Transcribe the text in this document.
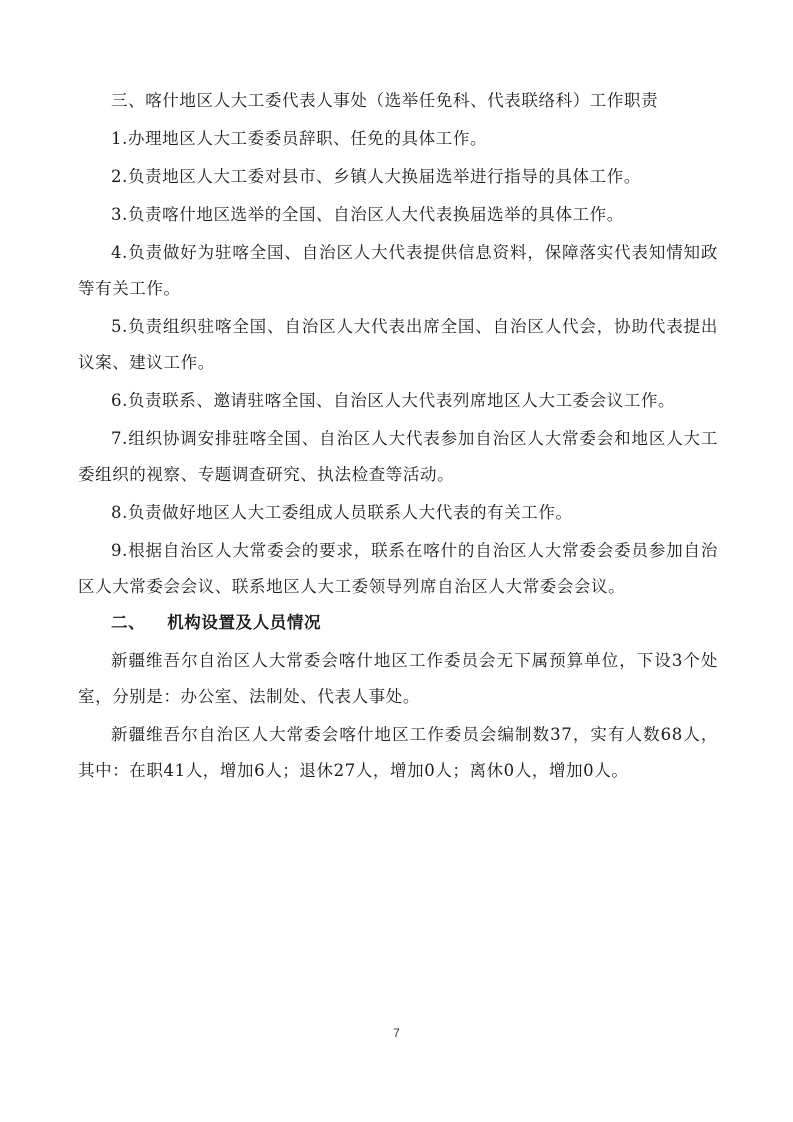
三、喀什地区人大工委代表人事处（选举任免科、代表联络科）工作职责

1.办理地区人大工委委员辞职、任免的具体工作。

2.负责地区人大工委对县市、乡镇人大换届选举进行指导的具体工作。

3.负责喀什地区选举的全国、自治区人大代表换届选举的具体工作。

4.负责做好为驻喀全国、自治区人大代表提供信息资料，保障落实代表知情知政等有关工作。

5.负责组织驻喀全国、自治区人大代表出席全国、自治区人代会，协助代表提出议案、建议工作。

6.负责联系、邀请驻喀全国、自治区人大代表列席地区人大工委会议工作。

7.组织协调安排驻喀全国、自治区人大代表参加自治区人大常委会和地区人大工委组织的视察、专题调查研究、执法检查等活动。

8.负责做好地区人大工委组成人员联系人大代表的有关工作。

9.根据自治区人大常委会的要求，联系在喀什的自治区人大常委会委员参加自治区人大常委会会议、联系地区人大工委领导列席自治区人大常委会会议。

二、 机构设置及人员情况

新疆维吾尔自治区人大常委会喀什地区工作委员会无下属预算单位，下设3个处室，分别是：办公室、法制处、代表人事处。

新疆维吾尔自治区人大常委会喀什地区工作委员会编制数37，实有人数68人，其中：在职41人，增加6人；退休27人，增加0人；离休0人，增加0人。

7
